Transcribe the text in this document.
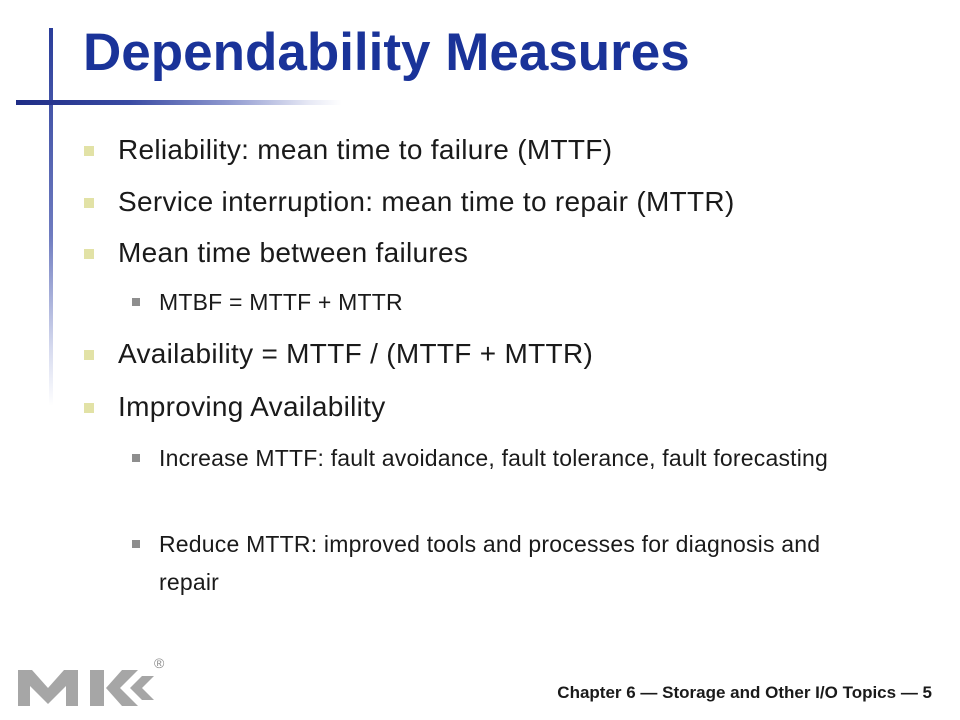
Dependability Measures
Reliability: mean time to failure (MTTF)
Service interruption: mean time to repair (MTTR)
Mean time between failures
MTBF = MTTF + MTTR
Availability = MTTF / (MTTF + MTTR)
Improving Availability
Increase MTTF: fault avoidance, fault tolerance, fault forecasting
Reduce MTTR: improved tools and processes for diagnosis and repair
®
Chapter 6 — Storage and Other I/O Topics — 5
